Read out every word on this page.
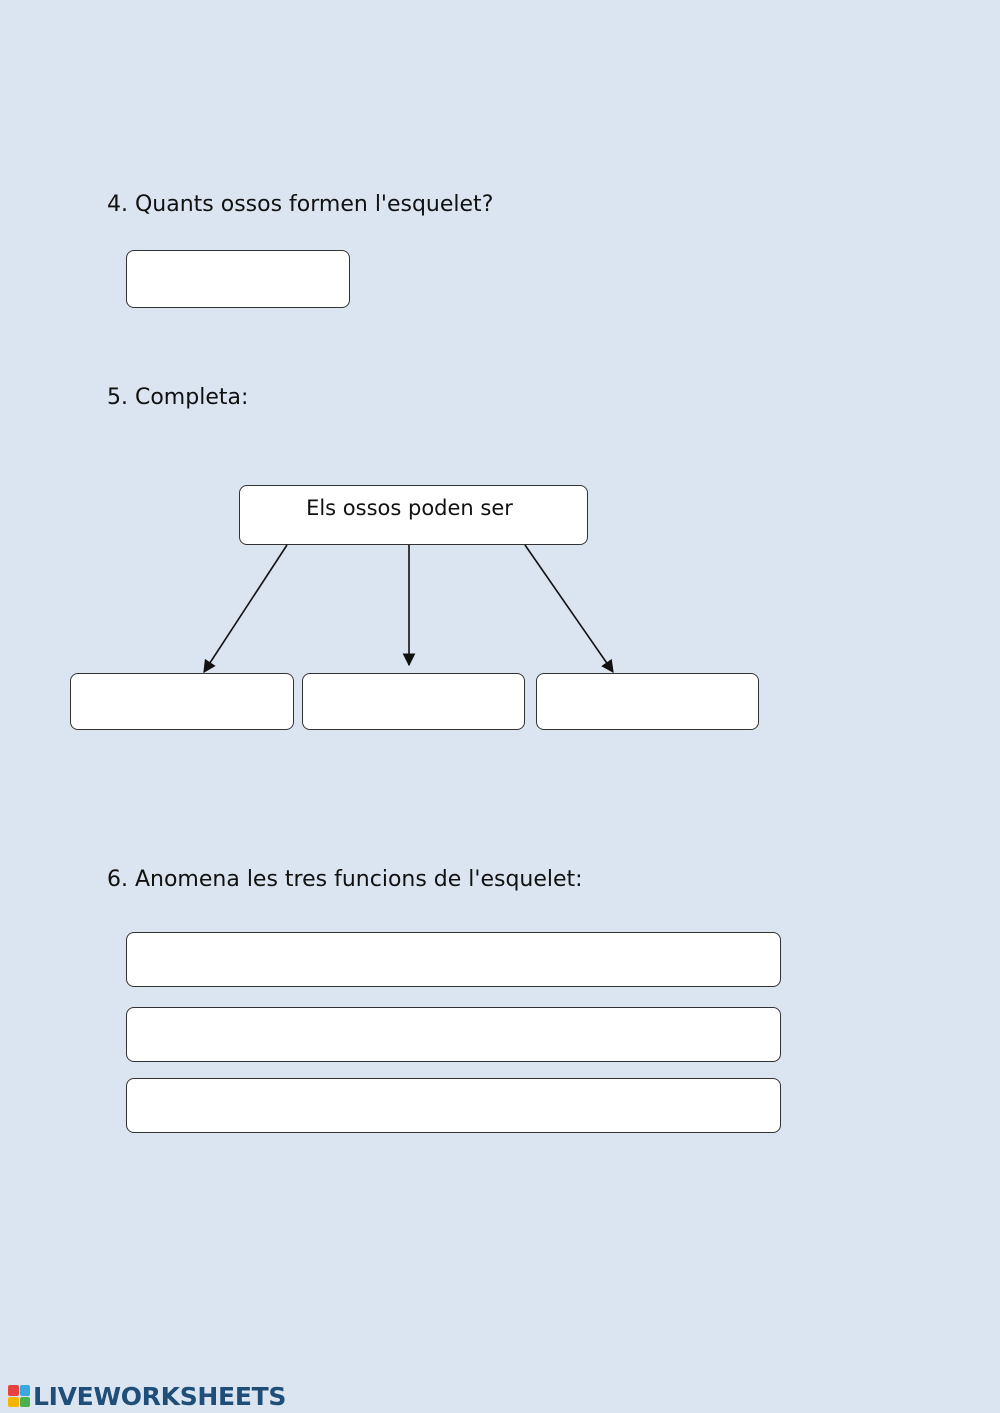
4. Quants ossos formen l'esquelet?
5. Completa:
Els ossos poden ser
6. Anomena les tres funcions de l'esquelet:
LIVEWORKSHEETS
